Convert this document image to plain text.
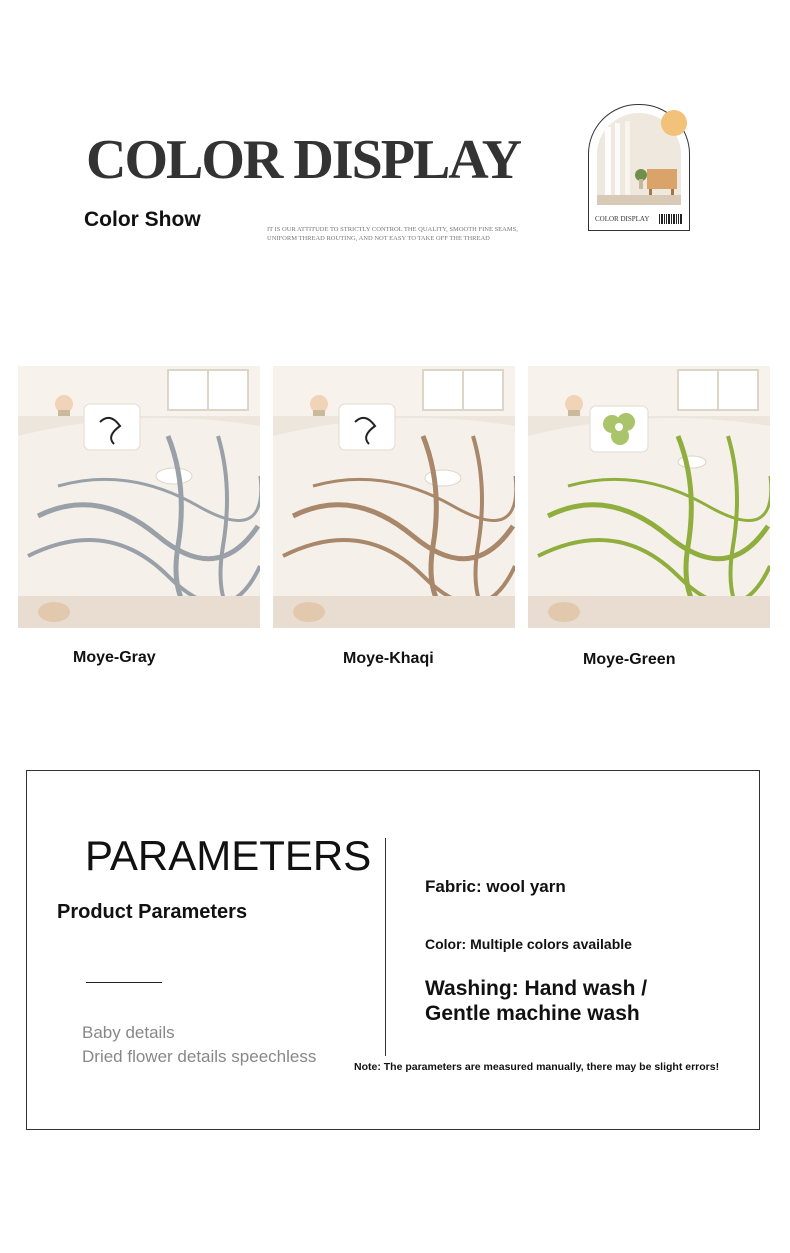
COLOR DISPLAY
Color Show	IT IS OUR ATTITUDE TO STRICTLY CONTROL THE QUALITY, SMOOTH FINE SEAMS, UNIFORM THREAD ROUTING, AND NOT EASY TO TAKE OFF THE THREAD
COLOR DISPLAY
Moye-Gray	Moye-Khaqi	Moye-Green
PARAMETERS
Product Parameters
Baby details
Dried flower details speechless
Fabric: wool yarn
Color: Multiple colors available
Washing: Hand wash / Gentle machine wash
Note: The parameters are measured manually, there may be slight errors!
